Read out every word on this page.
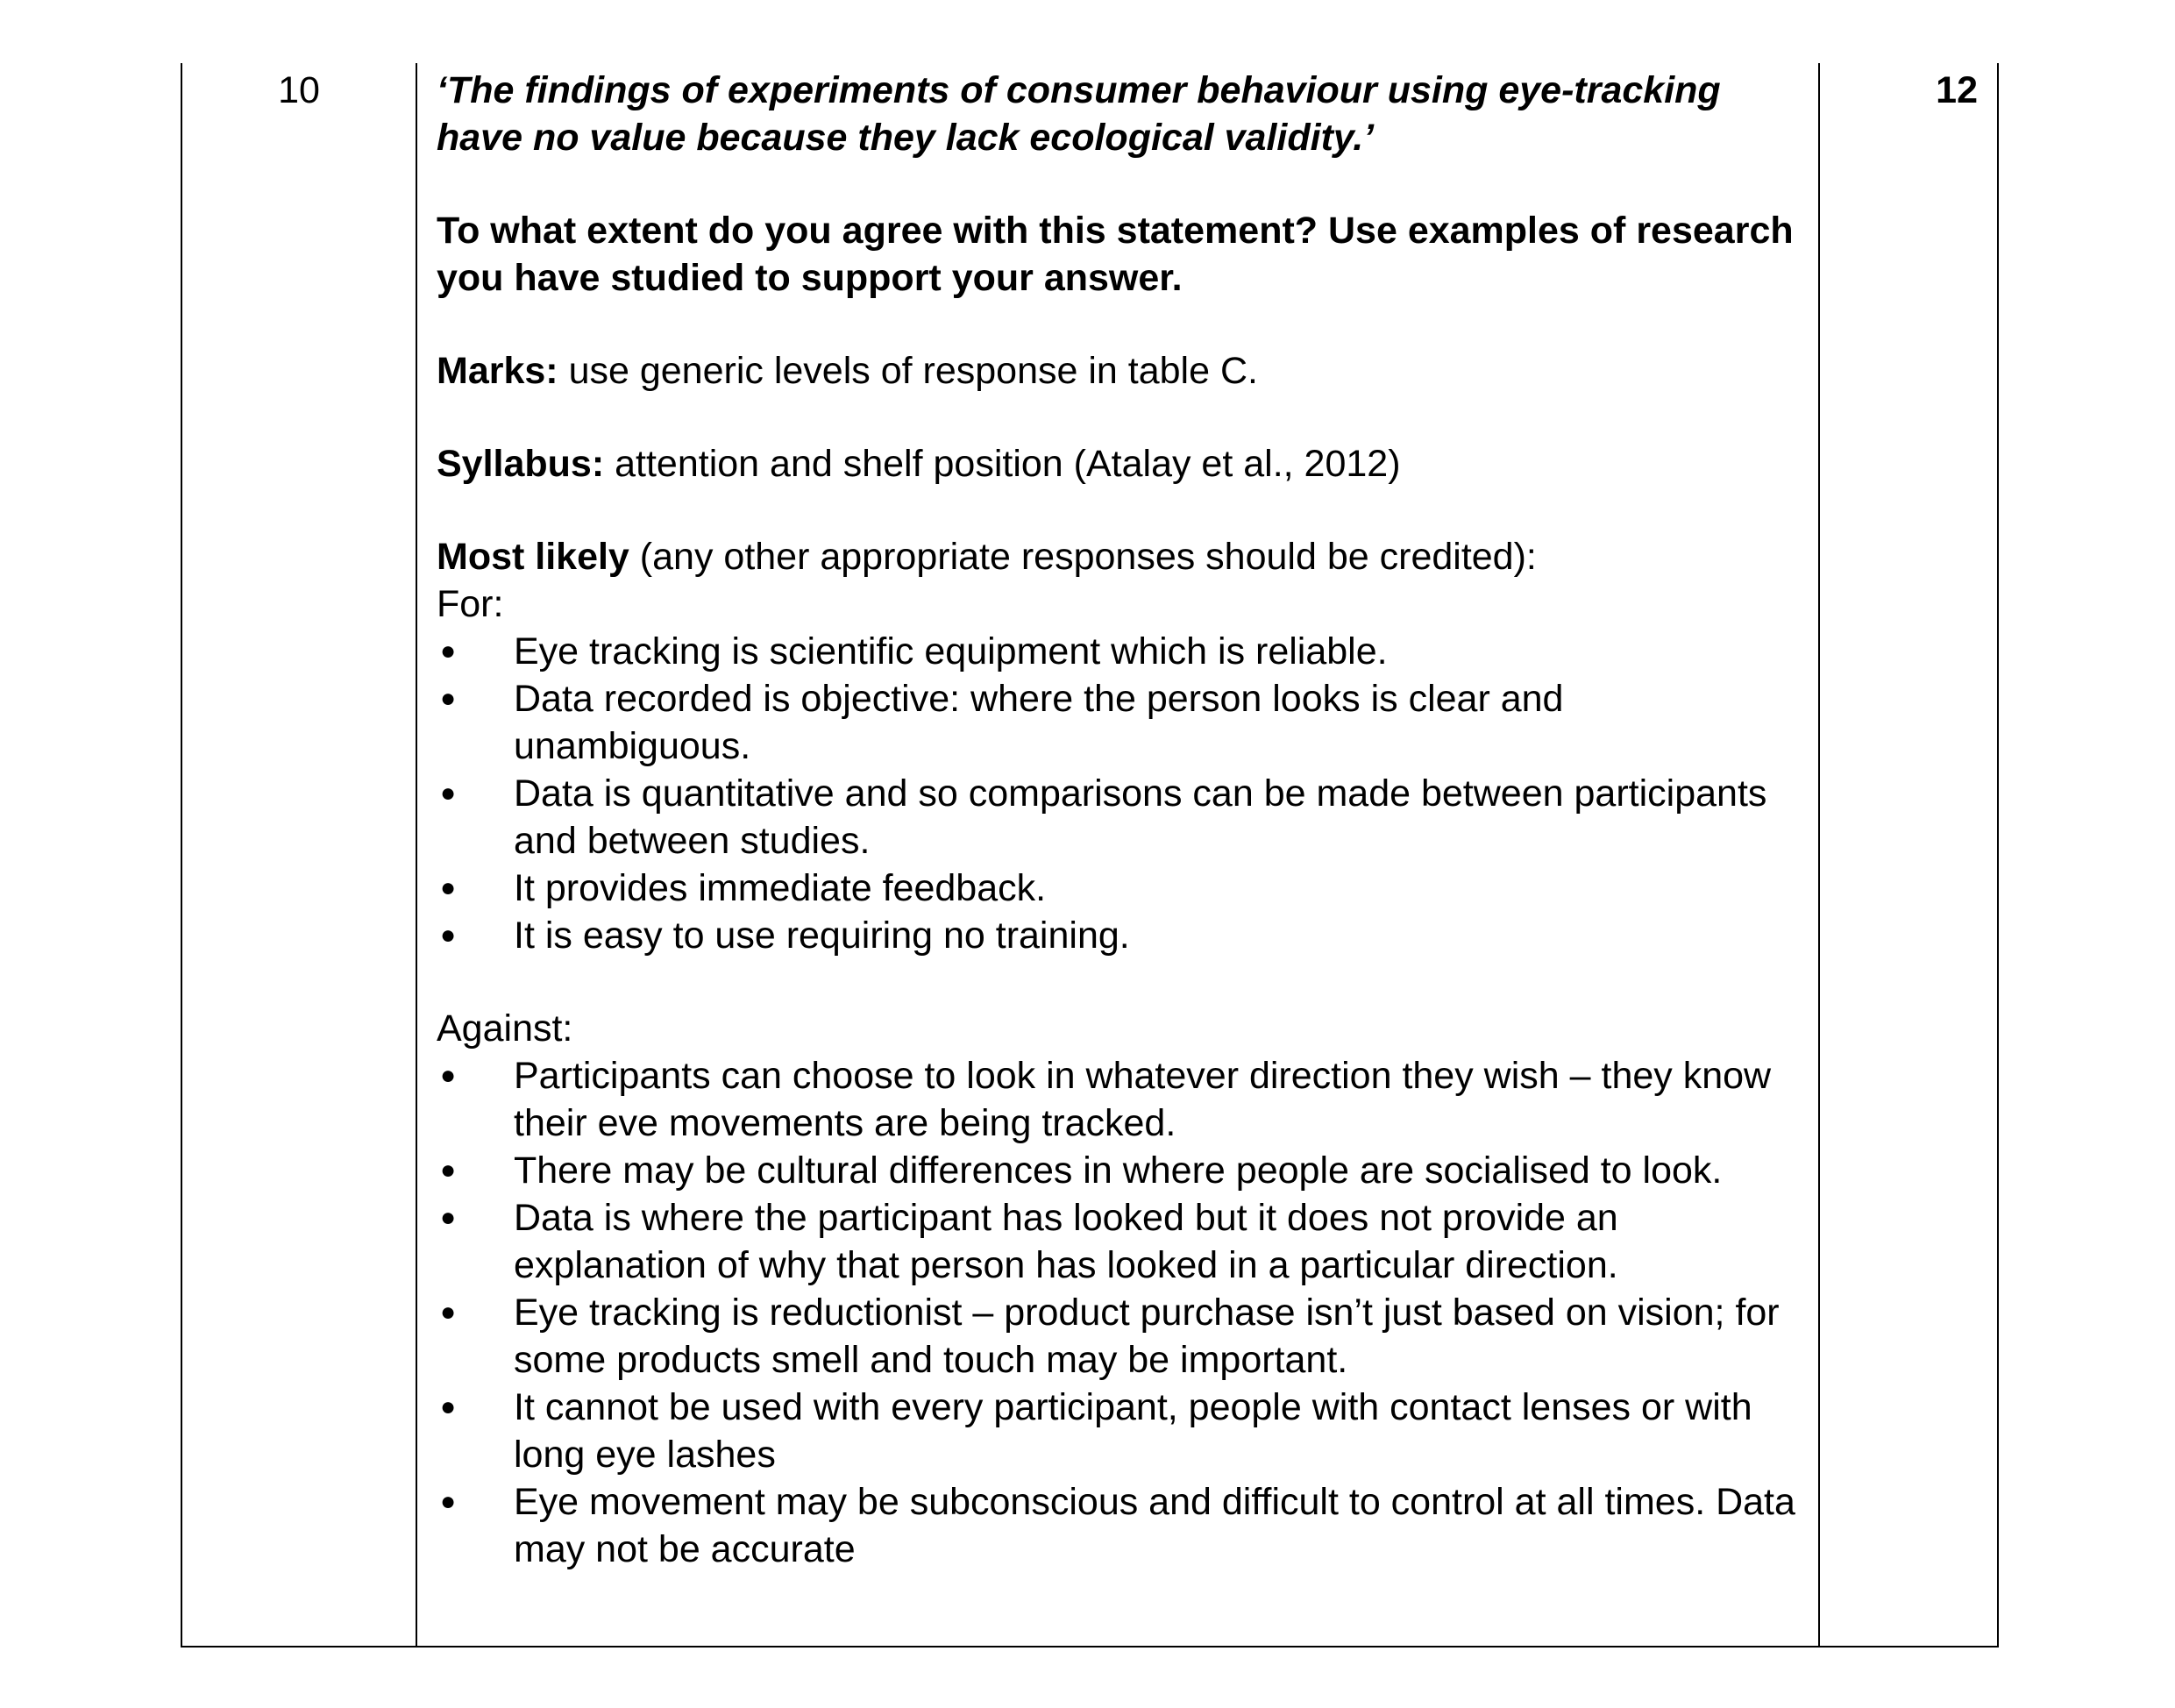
10	‘The findings of experiments of consumer behaviour using eye-tracking have no value because they lack ecological validity.’

To what extent do you agree with this statement? Use examples of research you have studied to support your answer.

Marks: use generic levels of response in table C.

Syllabus: attention and shelf position (Atalay et al., 2012)

Most likely (any other appropriate responses should be credited):

For:

● Eye tracking is scientific equipment which is reliable.
● Data recorded is objective: where the person looks is clear and unambiguous.
● Data is quantitative and so comparisons can be made between participants and between studies.
● It provides immediate feedback.
● It is easy to use requiring no training.

Against:

● Participants can choose to look in whatever direction they wish – they know their eve movements are being tracked.
● There may be cultural differences in where people are socialised to look.
● Data is where the participant has looked but it does not provide an explanation of why that person has looked in a particular direction.
● Eye tracking is reductionist – product purchase isn’t just based on vision; for some products smell and touch may be important.
● It cannot be used with every participant, people with contact lenses or with long eye lashes
● Eye movement may be subconscious and difficult to control at all times. Data may not be accurate
12
